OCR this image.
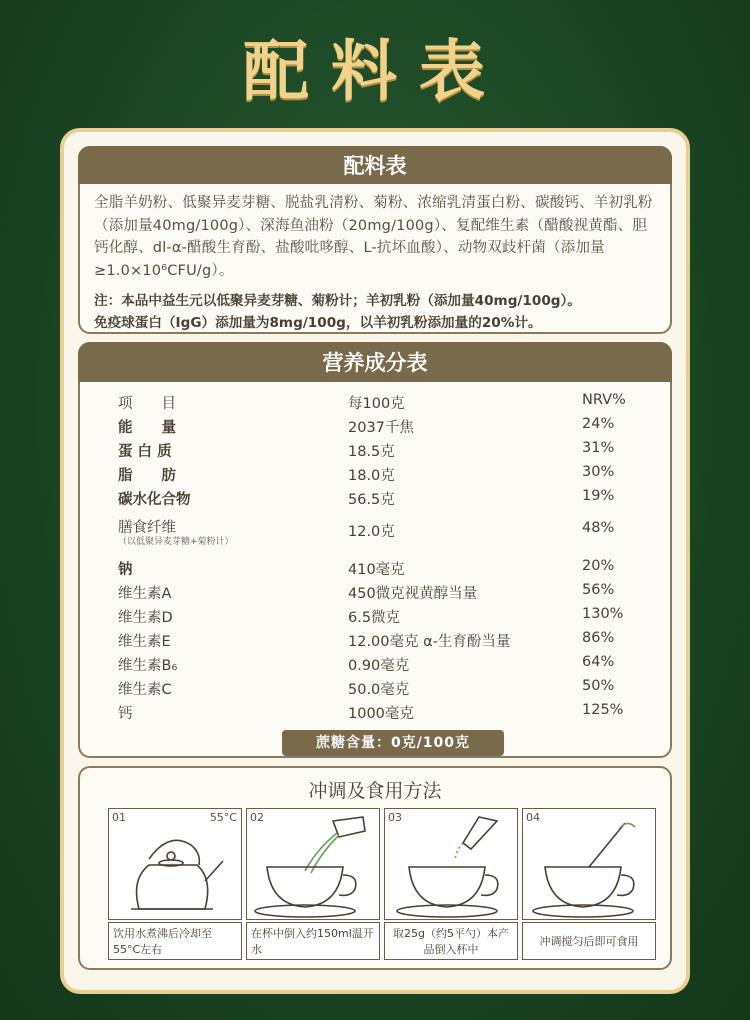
配料表
配料表
全脂羊奶粉、低聚异麦芽糖、脱盐乳清粉、菊粉、浓缩乳清蛋白粉、碳酸钙、羊初乳粉（添加量40mg/100g）、深海鱼油粉（20mg/100g）、复配维生素（醋酸视黄酯、胆钙化醇、dl-α-醋酸生育酚、盐酸吡哆醇、L-抗坏血酸）、动物双歧杆菌（添加量≥1.0×10⁶CFU/g）。
注：本品中益生元以低聚异麦芽糖、菊粉计；羊初乳粉（添加量40mg/100g）。
免疫球蛋白（IgG）添加量为8mg/100g，以羊初乳粉添加量的20%计。
营养成分表
项　　目	每100克	NRV%
能　　量	2037千焦	24%
蛋 白 质	18.5克	31%
脂　　肪	18.0克	30%
碳水化合物	56.5克	19%
膳食纤维
（以低聚异麦芽糖+菊粉计）
12.0克	48%
钠	410毫克	20%
维生素A	450微克视黄醇当量	56%
维生素D	6.5微克	130%
维生素E	12.00毫克 α-生育酚当量	86%
维生素B₆	0.90毫克	64%
维生素C	50.0毫克	50%
钙	1000毫克	125%
蔗糖含量：0克/100克
冲调及食用方法
01	55°C
饮用水煮沸后冷却至55°C左右
02
在杯中倒入约150ml温开水
03
取25g（约5平勺）本产品倒入杯中
04
冲调搅匀后即可食用
